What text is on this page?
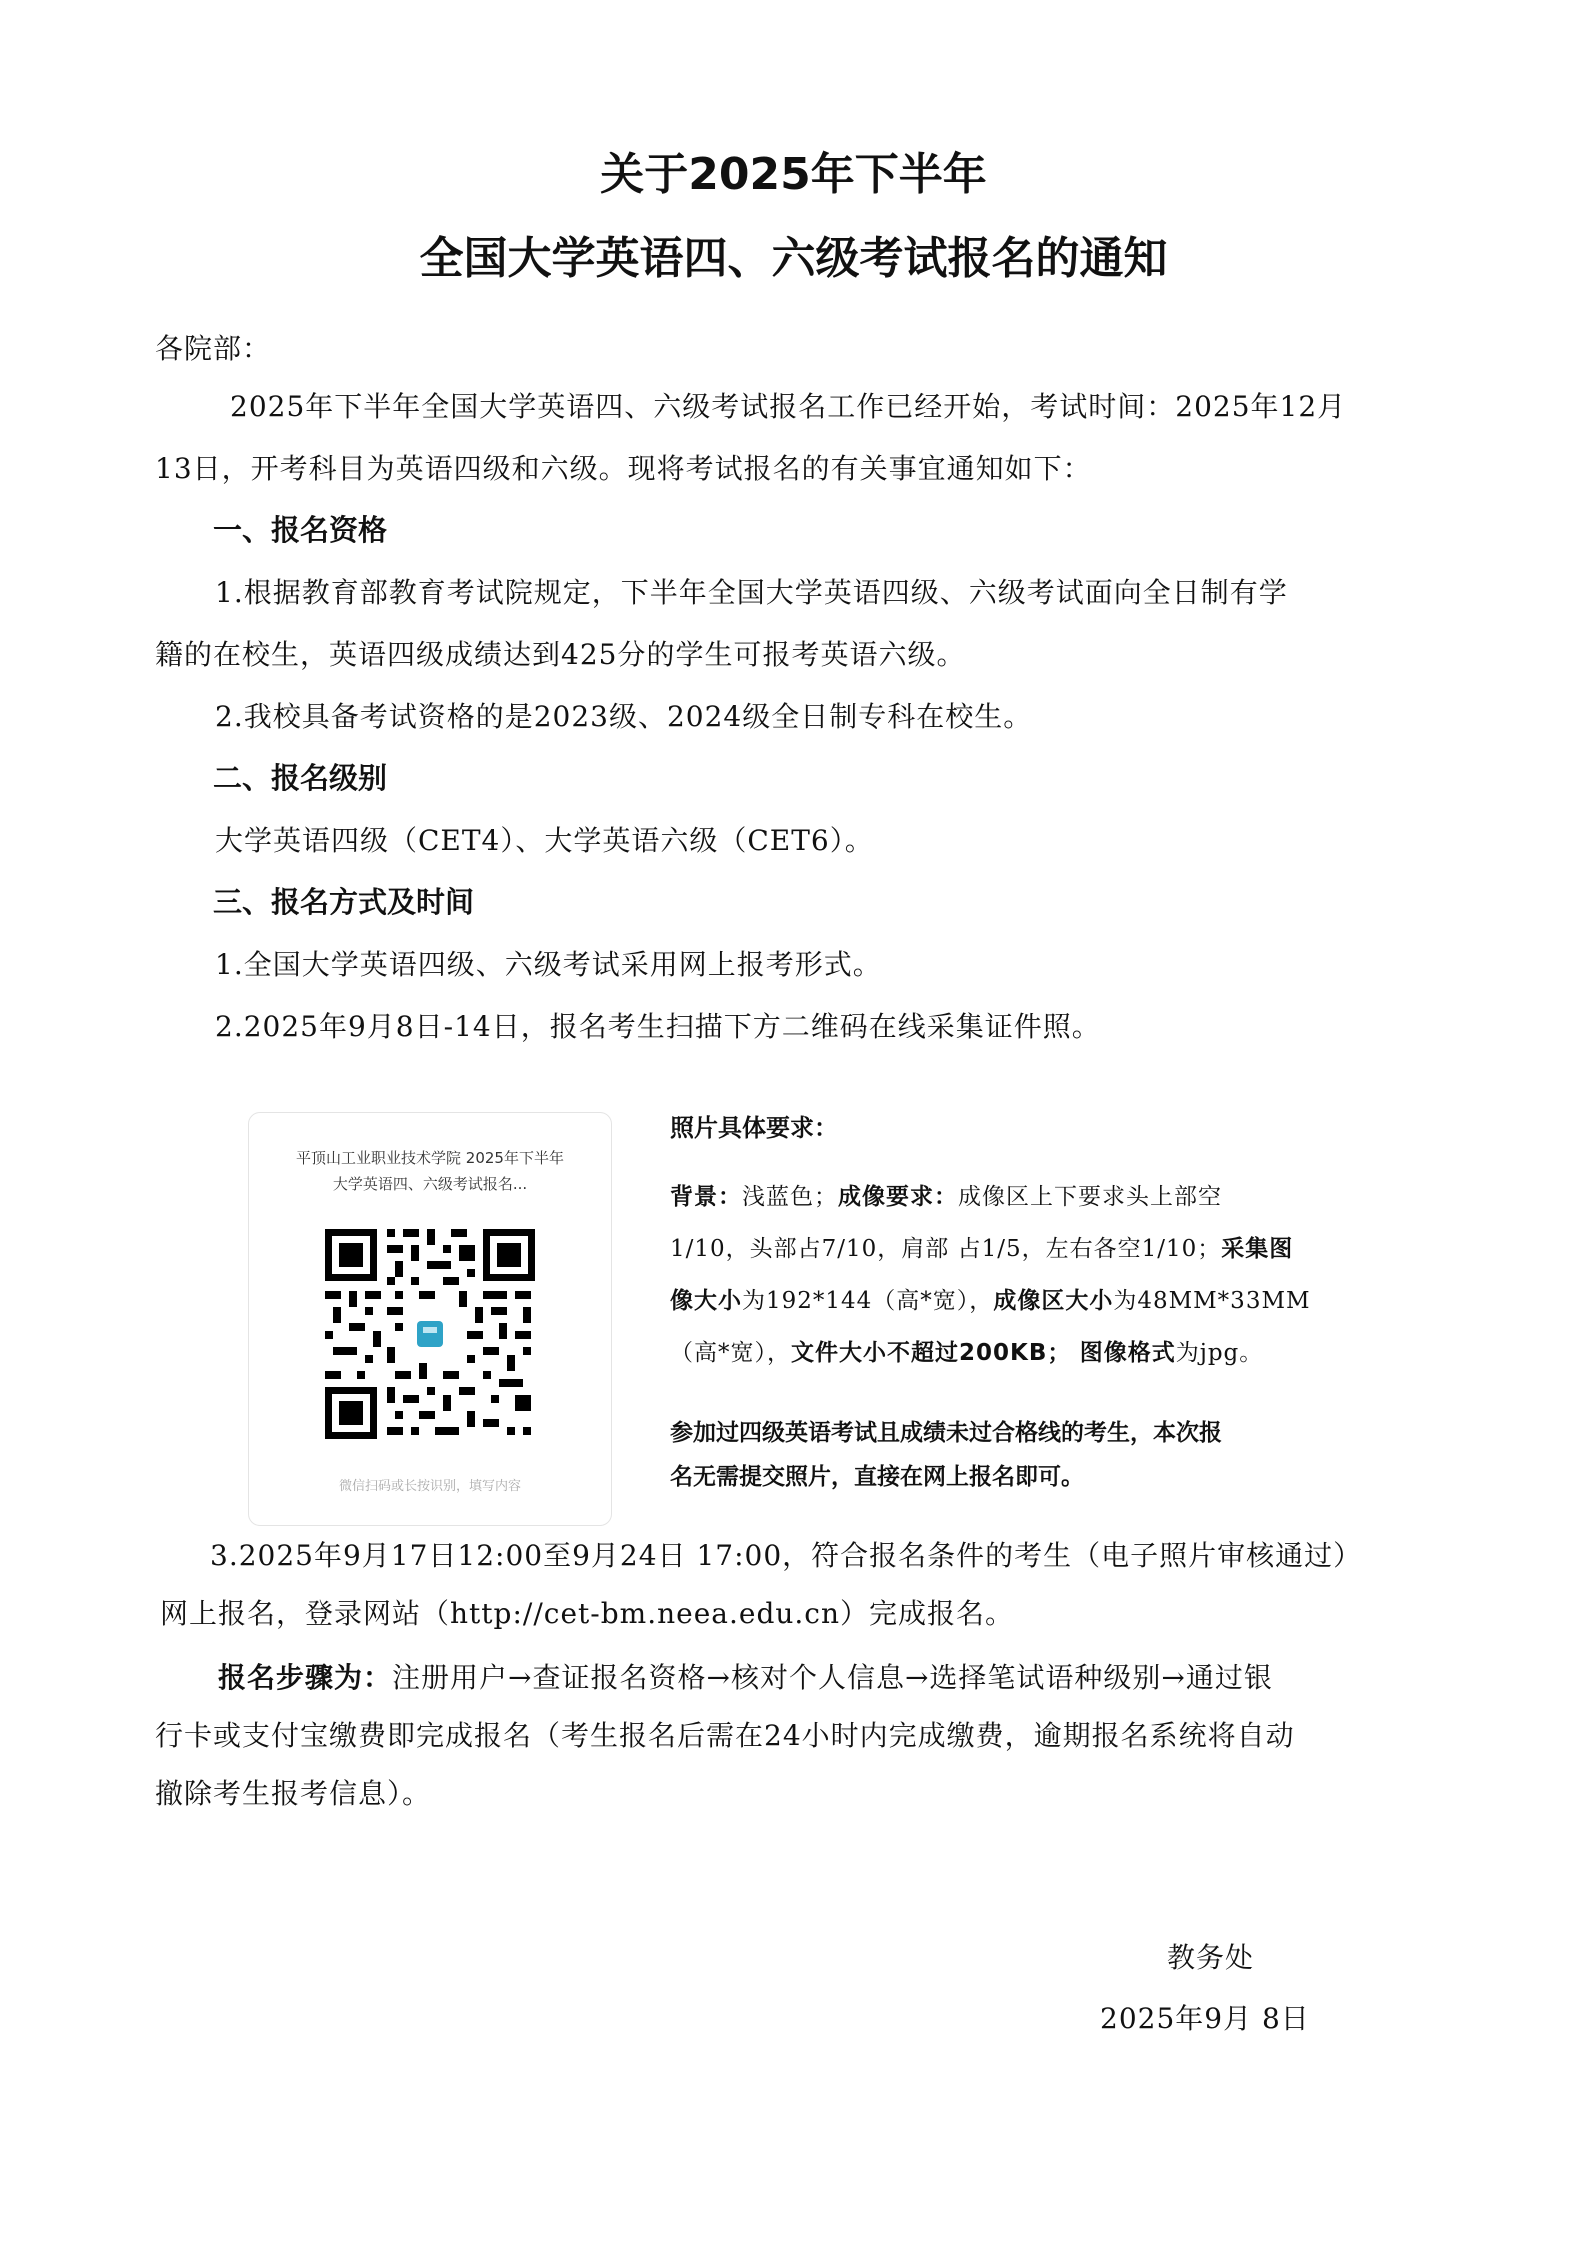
关于2025年下半年
全国大学英语四、六级考试报名的通知
各院部：
2025年下半年全国大学英语四、六级考试报名工作已经开始，考试时间：2025年12月
13日，开考科目为英语四级和六级。现将考试报名的有关事宜通知如下：
一、报名资格
1.根据教育部教育考试院规定，下半年全国大学英语四级、六级考试面向全日制有学
籍的在校生，英语四级成绩达到425分的学生可报考英语六级。
2.我校具备考试资格的是2023级、2024级全日制专科在校生。
二、报名级别
大学英语四级（CET4）、大学英语六级（CET6）。
三、报名方式及时间
1.全国大学英语四级、六级考试采用网上报考形式。
2.2025年9月8日-14日，报名考生扫描下方二维码在线采集证件照。
平顶山工业职业技术学院 2025年下半年
大学英语四、六级考试报名...
微信扫码或长按识别，填写内容
照片具体要求：
背景：浅蓝色；成像要求：成像区上下要求头上部空
1/10，头部占7/10，肩部 占1/5，左右各空1/10；采集图
像大小为192*144（高*宽），成像区大小为48MM*33MM
（高*宽），文件大小不超过200KB； 图像格式为jpg。
参加过四级英语考试且成绩未过合格线的考生，本次报
名无需提交照片，直接在网上报名即可。
3.2025年9月17日12:00至9月24日 17:00，符合报名条件的考生（电子照片审核通过）
网上报名，登录网站（http://cet-bm.neea.edu.cn）完成报名。
报名步骤为：注册用户→查证报名资格→核对个人信息→选择笔试语种级别→通过银
行卡或支付宝缴费即完成报名（考生报名后需在24小时内完成缴费，逾期报名系统将自动
撤除考生报考信息）。
教务处
2025年9月 8日
